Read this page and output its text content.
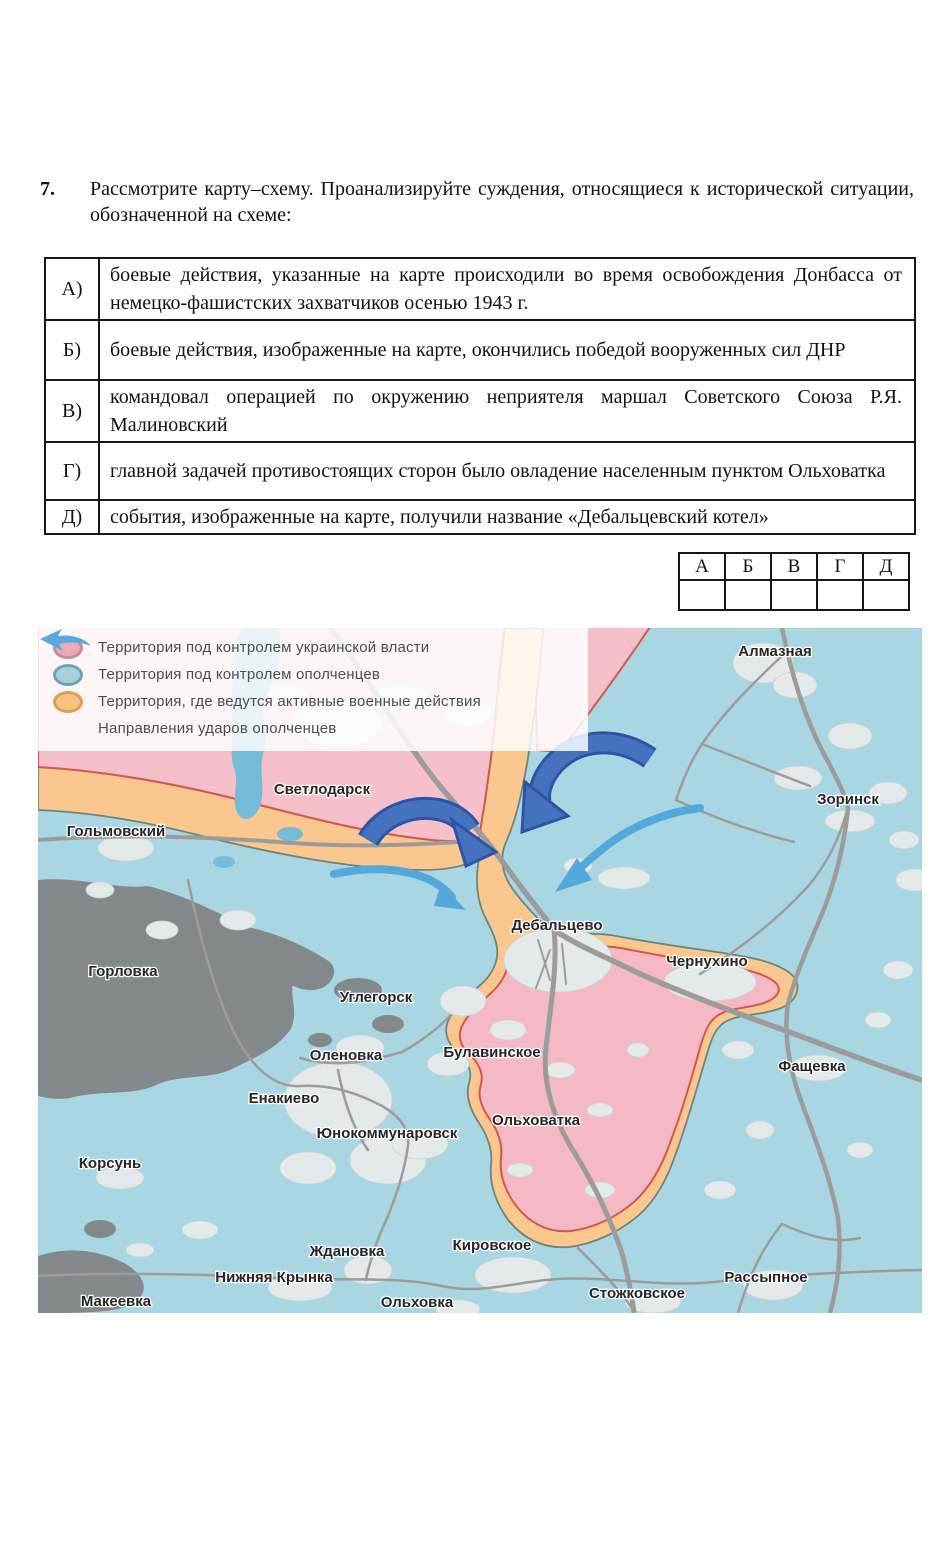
7.	Рассмотрите карту–схему. Проанализируйте суждения, относящиеся к исторической ситуации, обозначенной на схеме:
А)	боевые действия, указанные на карте происходили во время освобождения Донбасса от немецко-фашистских захватчиков осенью 1943 г.
Б)	боевые действия, изображенные на карте, окончились победой вооруженных сил ДНР
В)	командовал операцией по окружению неприятеля маршал Советского Союза Р.Я. Малиновский
Г)	главной задачей противостоящих сторон было овладение населенным пунктом Ольховатка
Д)	события, изображенные на карте, получили название «Дебальцевский котел»
А	Б	В	Г	Д

Алмазная
Зоринск
Светлодарск
Гольмовский
Дебальцево
Чернухино
Горловка
Углегорск
Оленовка	Булавинское
Фащевка
Енакиево
Ольховатка
Юнокоммунаровск
Корсунь
Кировское
Ждановка
Нижняя Крынка
Макеевка	Ольховка
Стожковское
Рассыпное
Территория под контролем украинской власти
Территория под контролем ополченцев
Территория, где ведутся активные военные действия
Направления ударов ополченцев
